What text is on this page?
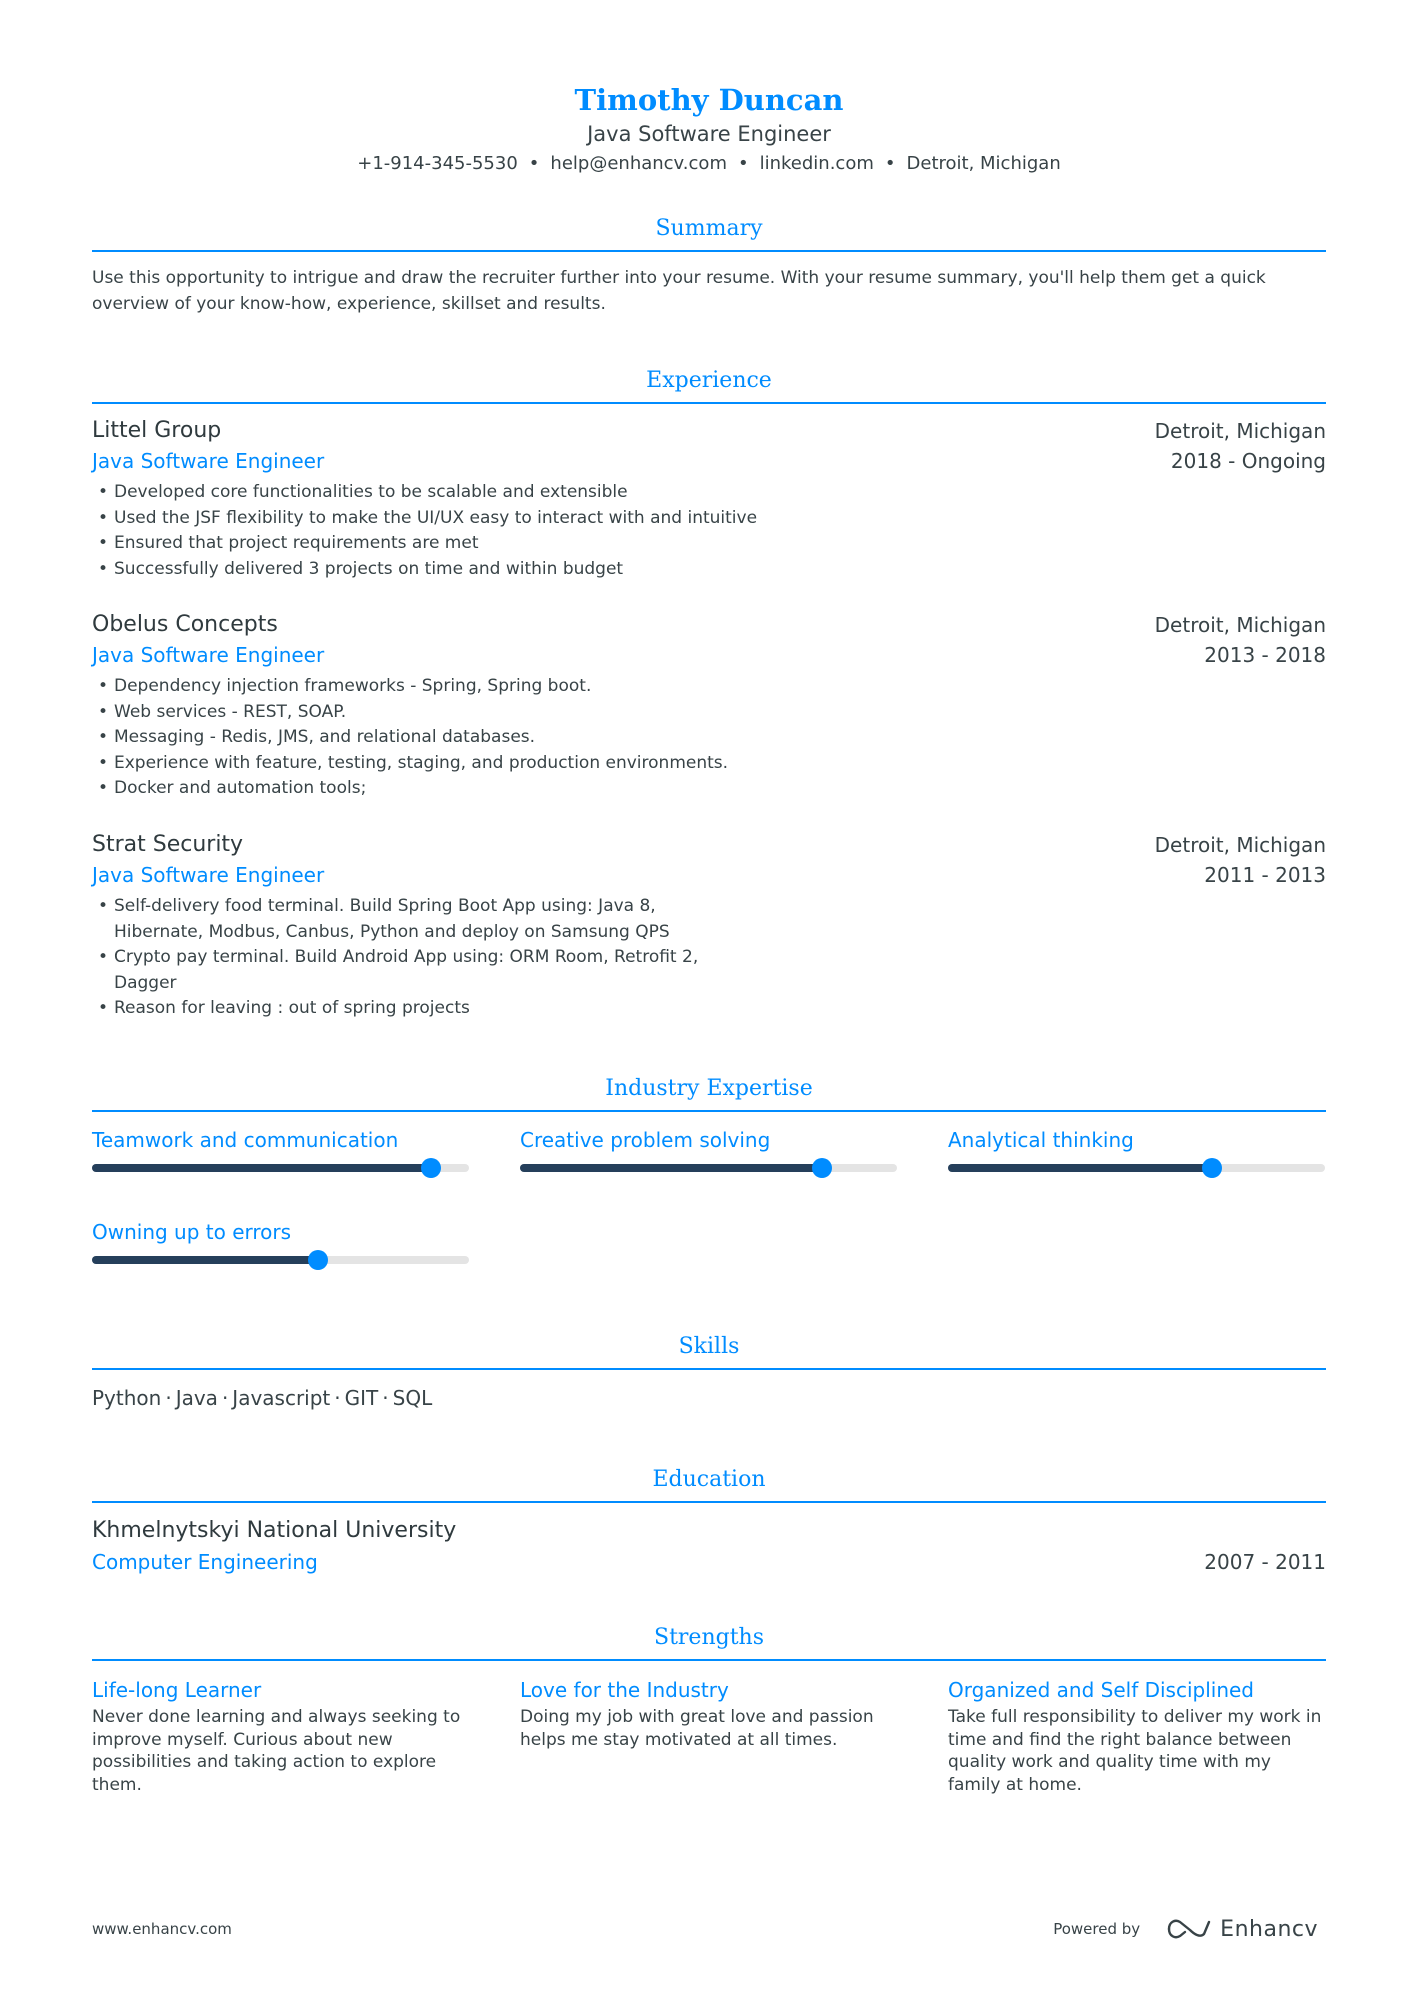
Timothy Duncan
Java Software Engineer
+1-914-345-5530 • help@enhancv.com • linkedin.com • Detroit, Michigan
Summary
Use this opportunity to intrigue and draw the recruiter further into your resume. With your resume summary, you'll help them get a quick
overview of your know-how, experience, skillset and results.
Experience
Littel Group	Detroit, Michigan
Java Software Engineer	2018 - Ongoing
• Developed core functionalities to be scalable and extensible
• Used the JSF flexibility to make the UI/UX easy to interact with and intuitive
• Ensured that project requirements are met
• Successfully delivered 3 projects on time and within budget
Obelus Concepts	Detroit, Michigan
Java Software Engineer	2013 - 2018
• Dependency injection frameworks - Spring, Spring boot.
• Web services - REST, SOAP.
• Messaging - Redis, JMS, and relational databases.
• Experience with feature, testing, staging, and production environments.
• Docker and automation tools;
Strat Security	Detroit, Michigan
Java Software Engineer	2011 - 2013
• Self-delivery food terminal. Build Spring Boot App using: Java 8, Hibernate, Modbus, Canbus, Python and deploy on Samsung QPS
• Crypto pay terminal. Build Android App using: ORM Room, Retrofit 2, Dagger
• Reason for leaving : out of spring projects
Industry Expertise
Teamwork and communication	Creative problem solving	Analytical thinking
Owning up to errors
Skills
Python · Java · Javascript · GIT · SQL
Education
Khmelnytskyi National University
Computer Engineering	2007 - 2011
Strengths
Life-long Learner
Never done learning and always seeking to improve myself. Curious about new possibilities and taking action to explore them.
Love for the Industry
Doing my job with great love and passion helps me stay motivated at all times.
Organized and Self Disciplined
Take full responsibility to deliver my work in time and find the right balance between quality work and quality time with my family at home.
www.enhancv.com	Powered by	Enhancv
